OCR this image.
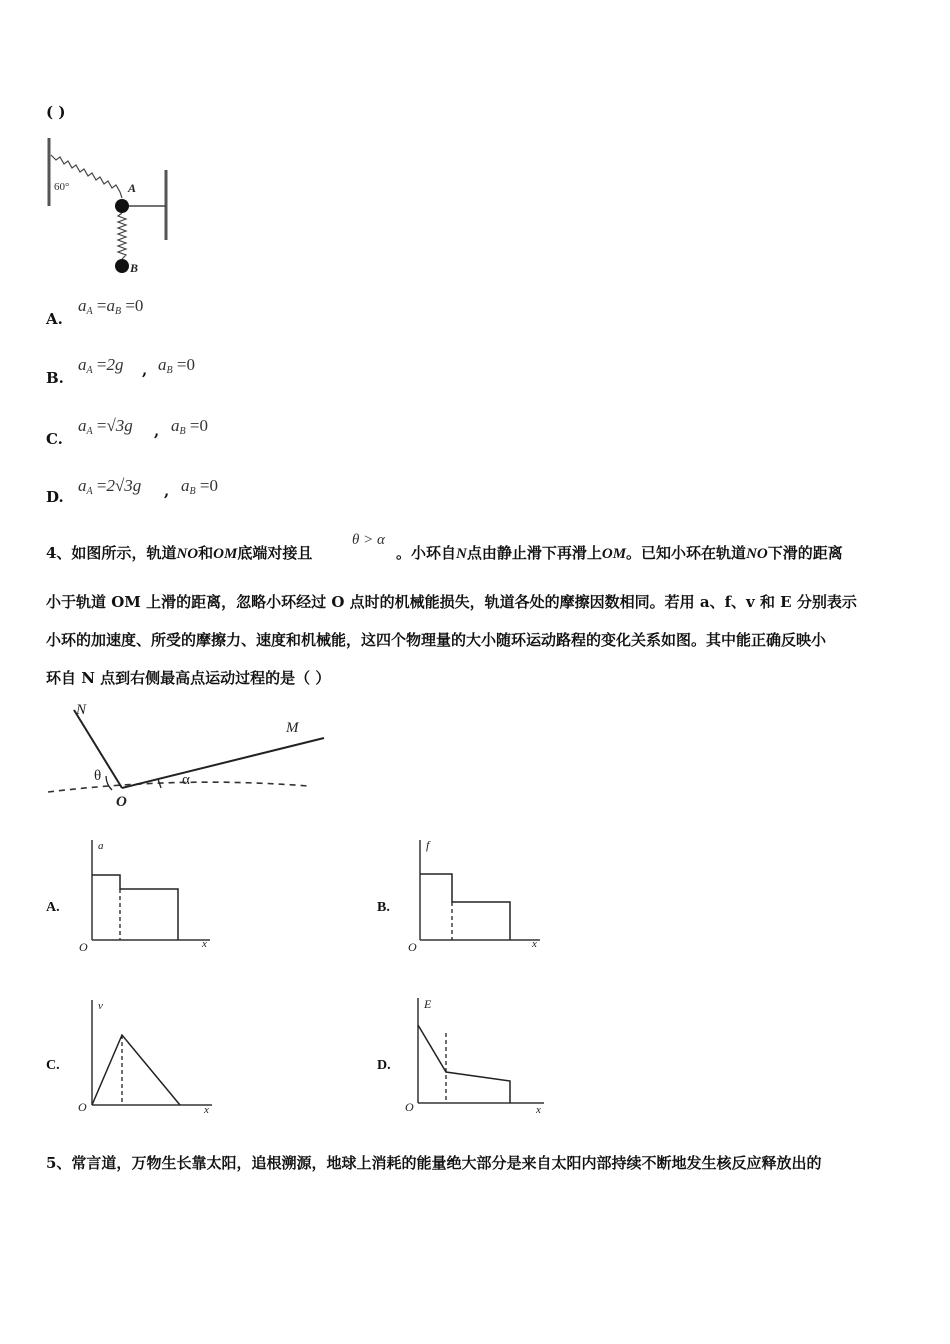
( )
60°	A
B
A.
$a_A =a_B =0$
B.
$a_A =2g$ , $a_B =0$
C.
$a_A =√3g$ , $a_B =0$
D.
$a_A =2√3g$ , $a_B =0$
4、如图所示，轨道NO和OM底端对接且
θ > α
。小环自N点由静止滑下再滑上OM。已知小环在轨道NO下滑的距离
小于轨道 OM 上滑的距离，忽略小环经过 O 点时的机械能损失，轨道各处的摩擦因数相同。若用 a、f、v 和 E 分别表示
小环的加速度、所受的摩擦力、速度和机械能，这四个物理量的大小随环运动路程的变化关系如图。其中能正确反映小
环自 N 点到右侧最高点运动过程的是（ ）
N
M
O
θ	α
A.
a
x
O
B.
f
x
O
C.
v
x
O
D.
E
x
O
5、常言道，万物生长靠太阳，追根溯源，地球上消耗的能量绝大部分是来自太阳内部持续不断地发生核反应释放出的
